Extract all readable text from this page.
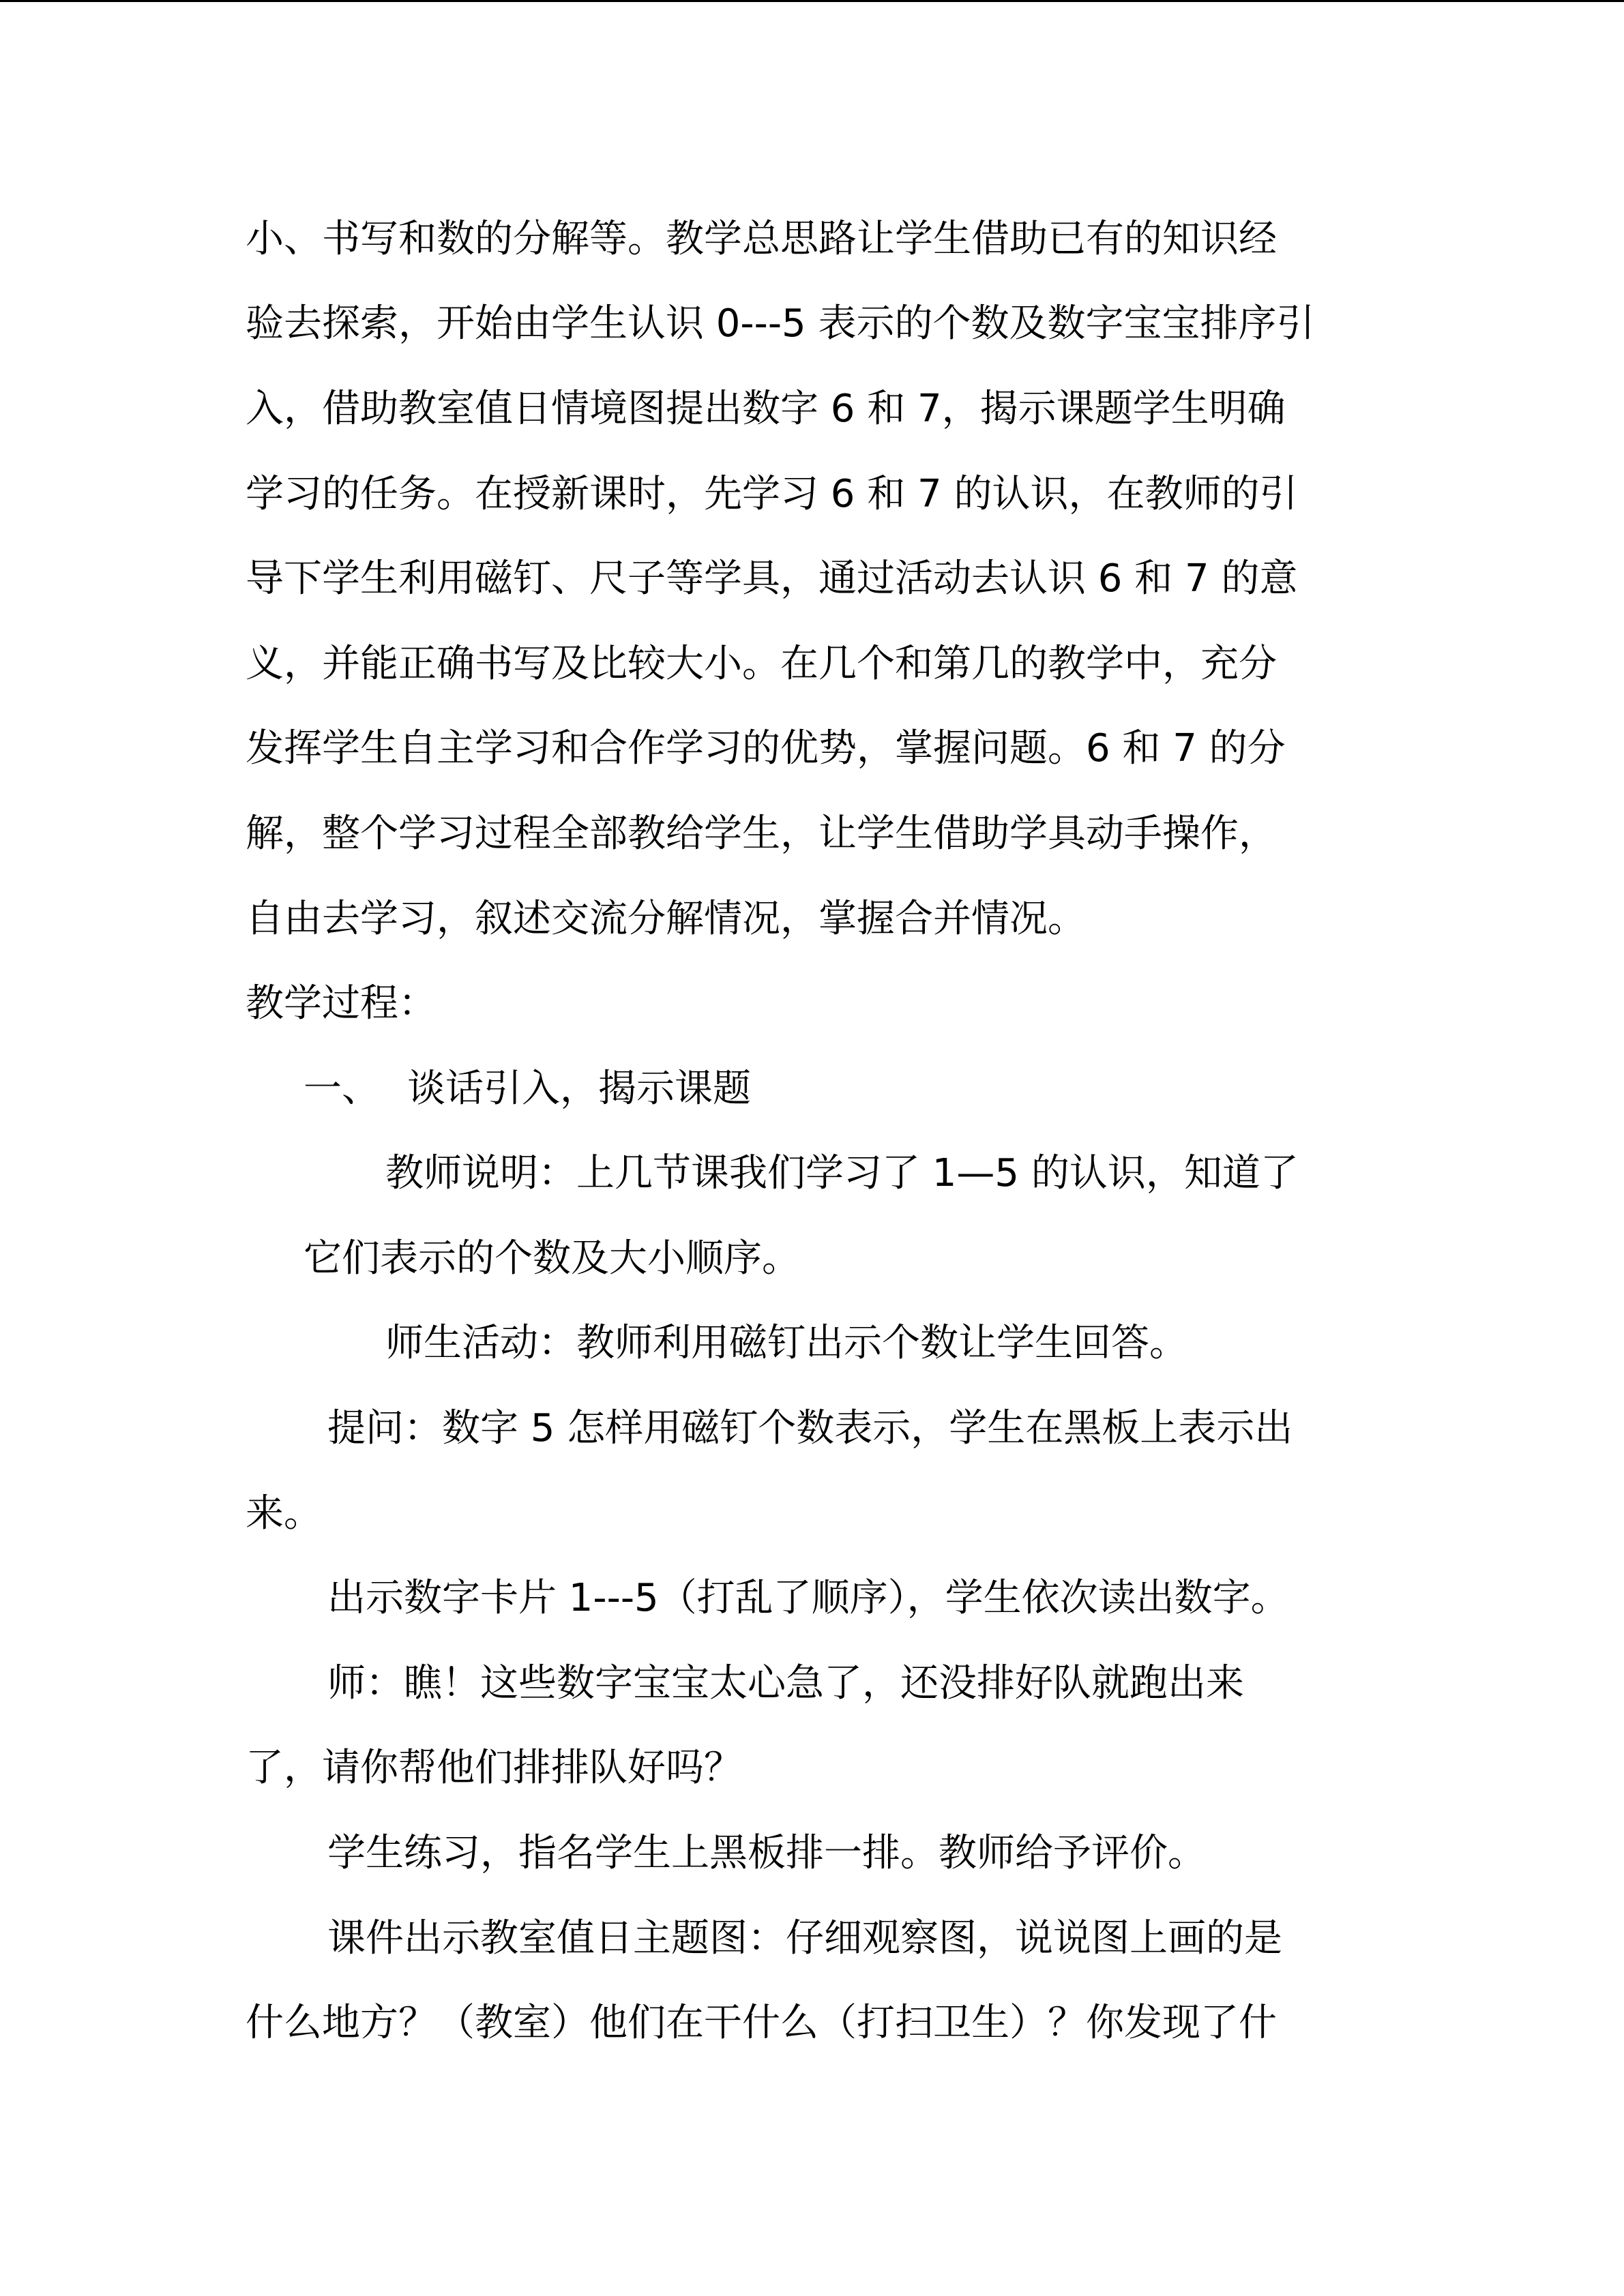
小、书写和数的分解等。教学总思路让学生借助已有的知识经
验去探索，开始由学生认识 0---5 表示的个数及数字宝宝排序引
入，借助教室值日情境图提出数字 6 和 7，揭示课题学生明确
学习的任务。在授新课时，先学习 6 和 7 的认识，在教师的引
导下学生利用磁钉、尺子等学具，通过活动去认识 6 和 7 的意
义，并能正确书写及比较大小。在几个和第几的教学中，充分
发挥学生自主学习和合作学习的优势，掌握问题。6 和 7 的分
解，整个学习过程全部教给学生，让学生借助学具动手操作，
自由去学习，叙述交流分解情况，掌握合并情况。
教学过程：
一、 谈话引入，揭示课题
教师说明：上几节课我们学习了 1—5 的认识，知道了
它们表示的个数及大小顺序。
师生活动：教师利用磁钉出示个数让学生回答。
提问：数字 5 怎样用磁钉个数表示，学生在黑板上表示出
来。
出示数字卡片 1---5（打乱了顺序），学生依次读出数字。
师：瞧！这些数字宝宝太心急了，还没排好队就跑出来
了，请你帮他们排排队好吗？
学生练习，指名学生上黑板排一排。教师给予评价。
课件出示教室值日主题图：仔细观察图，说说图上画的是
什么地方？（教室）他们在干什么（打扫卫生）？你发现了什
